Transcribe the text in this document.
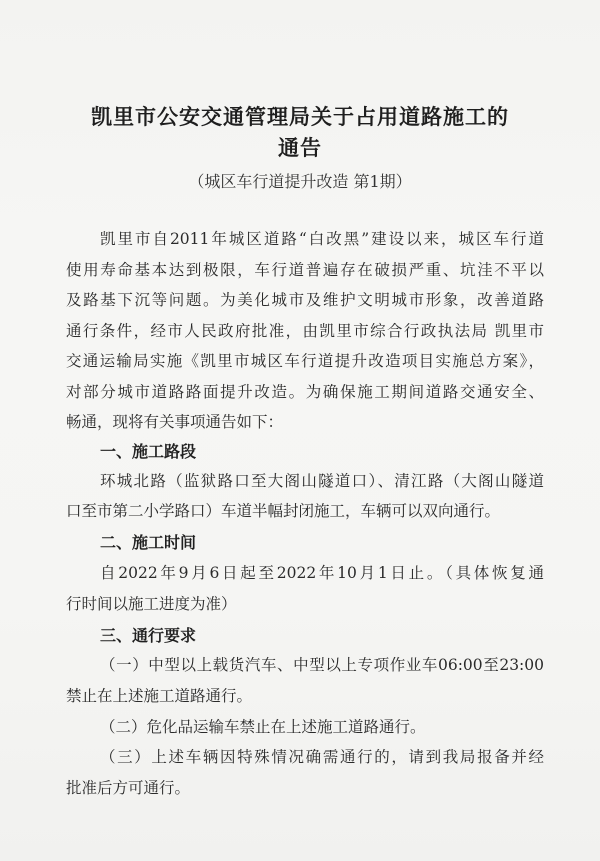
凯里市公安交通管理局关于占用道路施工的
通告
（城区车行道提升改造 第1期）
凯里市自2011年城区道路“白改黑”建设以来，城区车行道
使用寿命基本达到极限，车行道普遍存在破损严重、坑洼不平以
及路基下沉等问题。为美化城市及维护文明城市形象，改善道路
通行条件，经市人民政府批准，由凯里市综合行政执法局 凯里市
交通运输局实施《凯里市城区车行道提升改造项目实施总方案》，
对部分城市道路路面提升改造。为确保施工期间道路交通安全、
畅通，现将有关事项通告如下：
一、施工路段
环城北路（监狱路口至大阁山隧道口）、清江路（大阁山隧道
口至市第二小学路口）车道半幅封闭施工，车辆可以双向通行。
二、施工时间
自2022年9月6日起至2022年10月1日止。（具体恢复通
行时间以施工进度为准）
三、通行要求
（一）中型以上载货汽车、中型以上专项作业车06:00至23:00
禁止在上述施工道路通行。
（二）危化品运输车禁止在上述施工道路通行。
（三）上述车辆因特殊情况确需通行的，请到我局报备并经
批准后方可通行。
